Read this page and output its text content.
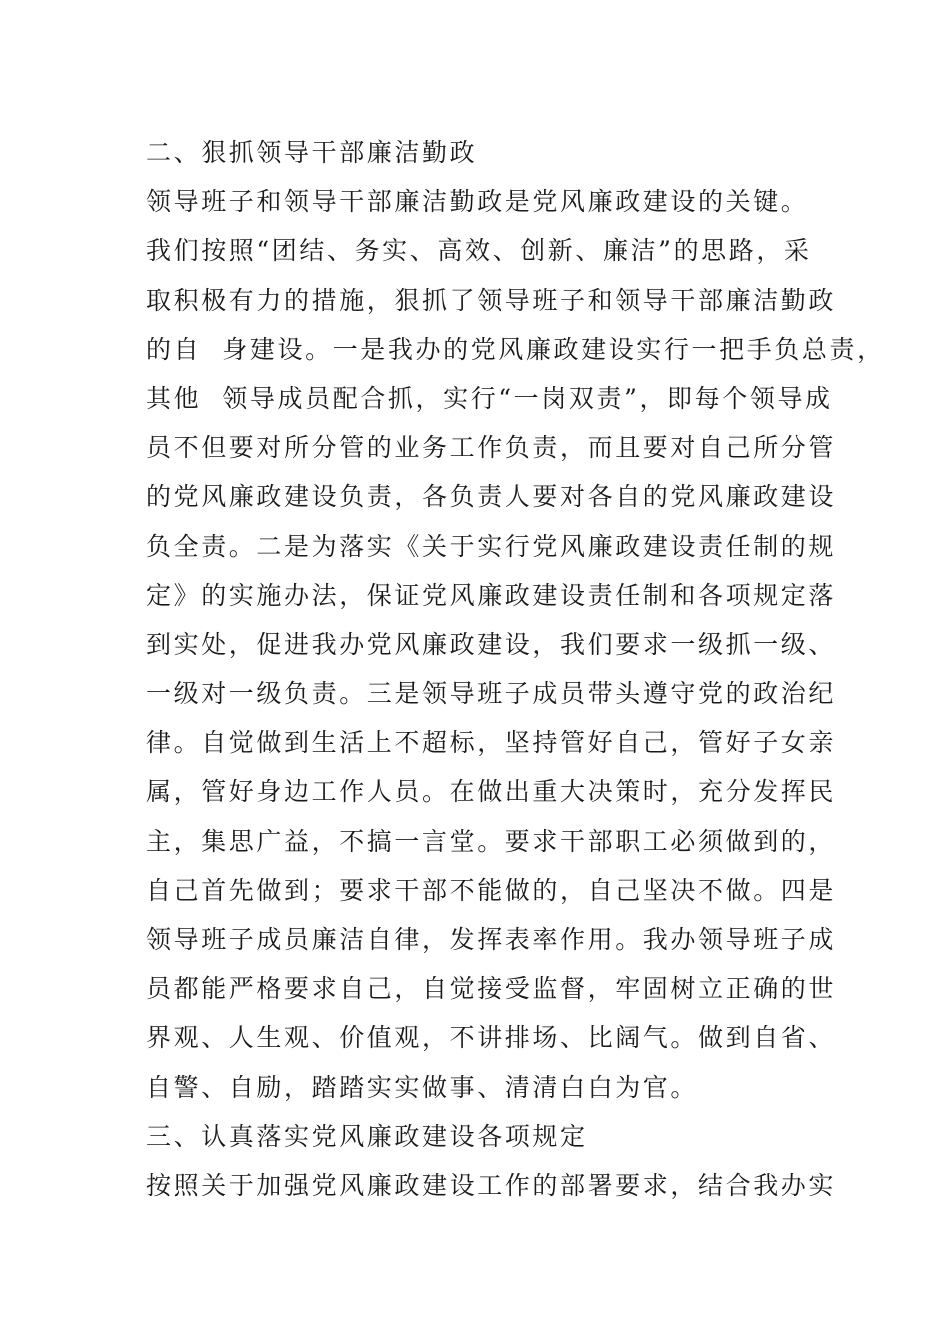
二、狠抓领导干部廉洁勤政
领导班子和领导干部廉洁勤政是党风廉政建设的关键。
我们按照“团结、务实、高效、创新、廉洁”的思路，采
取积极有力的措施，狠抓了领导班子和领导干部廉洁勤政
的自  身建设。一是我办的党风廉政建设实行一把手负总责，
其他  领导成员配合抓，实行“一岗双责”，即每个领导成
员不但要对所分管的业务工作负责，而且要对自己所分管
的党风廉政建设负责，各负责人要对各自的党风廉政建设
负全责。二是为落实《关于实行党风廉政建设责任制的规
定》的实施办法，保证党风廉政建设责任制和各项规定落
到实处，促进我办党风廉政建设，我们要求一级抓一级、
一级对一级负责。三是领导班子成员带头遵守党的政治纪
律。自觉做到生活上不超标，坚持管好自己，管好子女亲
属，管好身边工作人员。在做出重大决策时，充分发挥民
主，集思广益，不搞一言堂。要求干部职工必须做到的，
自己首先做到；要求干部不能做的，自己坚决不做。四是
领导班子成员廉洁自律，发挥表率作用。我办领导班子成
员都能严格要求自己，自觉接受监督，牢固树立正确的世
界观、人生观、价值观，不讲排场、比阔气。做到自省、
自警、自励，踏踏实实做事、清清白白为官。
三、认真落实党风廉政建设各项规定
按照关于加强党风廉政建设工作的部署要求，结合我办实
